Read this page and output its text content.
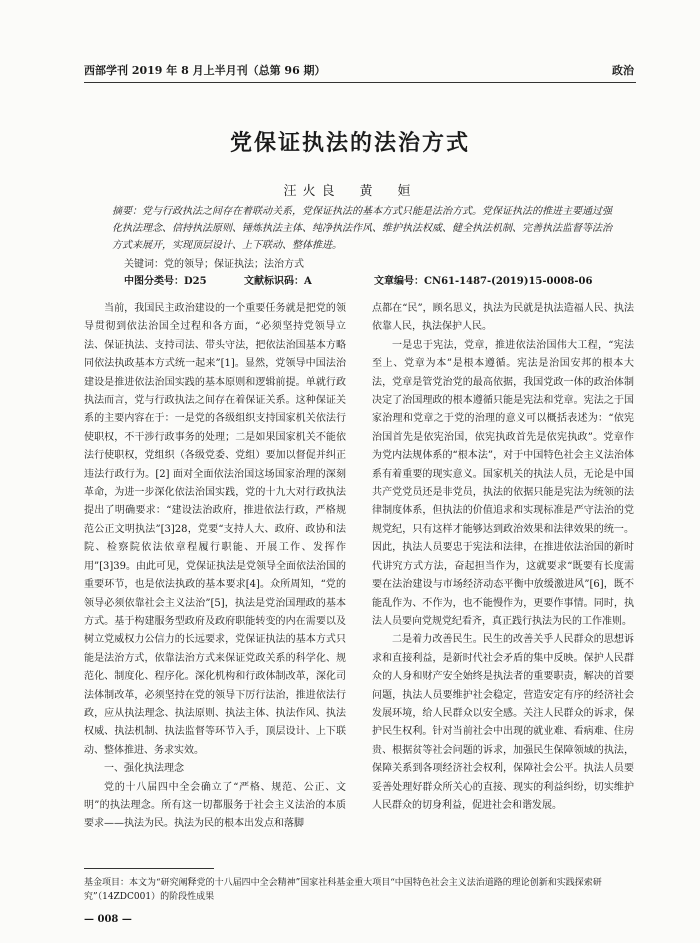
西部学刊 2019 年 8 月上半月刊（总第 96 期）	政治
党保证执法的法治方式
汪火良　黄　姮
摘要：党与行政执法之间存在着联动关系，党保证执法的基本方式只能是法治方式。党保证执法的推进主要通过强化执法理念、信持执法原则、锤炼执法主体、纯净执法作风、维护执法权威、健全执法机制、完善执法监督等法治方式来展开，实现顶层设计、上下联动、整体推进。
关键词：党的领导；保证执法；法治方式
中图分类号：D25	文献标识码：A	文章编号：CN61-1487-(2019)15-0008-06

当前，我国民主政治建设的一个重要任务就是把党的领导贯彻到依法治国全过程和各方面，“必须坚持党领导立法、保证执法、支持司法、带头守法，把依法治国基本方略同依法执政基本方式统一起来”[1]。显然，党领导中国法治建设是推进依法治国实践的基本原则和逻辑前提。单就行政执法而言，党与行政执法之间存在着保证关系。这种保证关系的主要内容在于：一是党的各级组织支持国家机关依法行使职权，不干涉行政事务的处理；二是如果国家机关不能依法行使职权，党组织（各级党委、党组）要加以督促并纠正违法行政行为。[2] 面对全面依法治国这场国家治理的深刻革命，为进一步深化依法治国实践，党的十九大对行政执法提出了明确要求：“建设法治政府，推进依法行政，严格规范公正文明执法”[3]28，党要“支持人大、政府、政协和法院、检察院依法依章程履行职能、开展工作、发挥作用”[3]39。由此可见，党保证执法是党领导全面依法治国的重要环节，也是依法执政的基本要求[4]。众所周知，“党的领导必须依靠社会主义法治”[5]，执法是党治国理政的基本方式。基于构建服务型政府及政府职能转变的内在需要以及树立党威权力公信力的长远要求，党保证执法的基本方式只能是法治方式，依靠法治方式来保证党政关系的科学化、规范化、制度化、程序化。深化机构和行政体制改革，深化司法体制改革，必须坚持在党的领导下厉行法治，推进依法行政，应从执法理念、执法原则、执法主体、执法作风、执法权威、执法机制、执法监督等环节入手，顶层设计、上下联动、整体推进、务求实效。

一、强化执法理念

党的十八届四中全会确立了“严格、规范、公正、文明”的执法理念。所有这一切都服务于社会主义法治的本质要求——执法为民。执法为民的根本出发点和落脚

点都在“民”，顾名思义，执法为民就是执法造福人民、执法依靠人民，执法保护人民。

一是忠于宪法，党章，推进依法治国伟大工程，“宪法至上、党章为本”是根本遵循。宪法是治国安邦的根本大法，党章是管党治党的最高依据，我国党政一体的政治体制决定了治国理政的根本遵循只能是宪法和党章。宪法之于国家治理和党章之于党的治理的意义可以概括表述为：“依宪治国首先是依宪治国，依宪执政首先是依宪执政”。党章作为党内法规体系的“根本法”，对于中国特色社会主义法治体系有着重要的现实意义。国家机关的执法人员，无论是中国共产党党员还是非党员，执法的依据只能是宪法为统领的法律制度体系，但执法的价值追求和实现标准是严守法治的党规党纪，只有这样才能够达到政治效果和法律效果的统一。因此，执法人员要忠于宪法和法律，在推进依法治国的新时代讲究方式方法，奋起担当作为，这就要求“既要有长度需要在法治建设与市场经济动态平衡中放缓激进风”[6]，既不能乱作为、不作为，也不能慢作为，更要作事情。同时，执法人员要向党规党纪看齐，真正践行执法为民的工作准则。

二是着力改善民生。民生的改善关乎人民群众的思想诉求和直接利益，是新时代社会矛盾的集中反映。保护人民群众的人身和财产安全始终是执法者的重要职责，解决的首要问题，执法人员要维护社会稳定，营造安定有序的经济社会发展环境，给人民群众以安全感。关注人民群众的诉求，保护民生权利。针对当前社会中出现的就业难、看病难、住房贵、根据贫等社会问题的诉求，加强民生保障领域的执法，保障关系到各项经济社会权利，保障社会公平。执法人员要妥善处理好群众所关心的直接、现实的利益纠纷，切实维护人民群众的切身利益，促进社会和谐发展。

基金项目：本文为“研究阐释党的十八届四中全会精神”国家社科基金重大项目“中国特色社会主义法治道路的理论创新和实践探索研究”（14ZDC001）的阶段性成果
— 008 —
